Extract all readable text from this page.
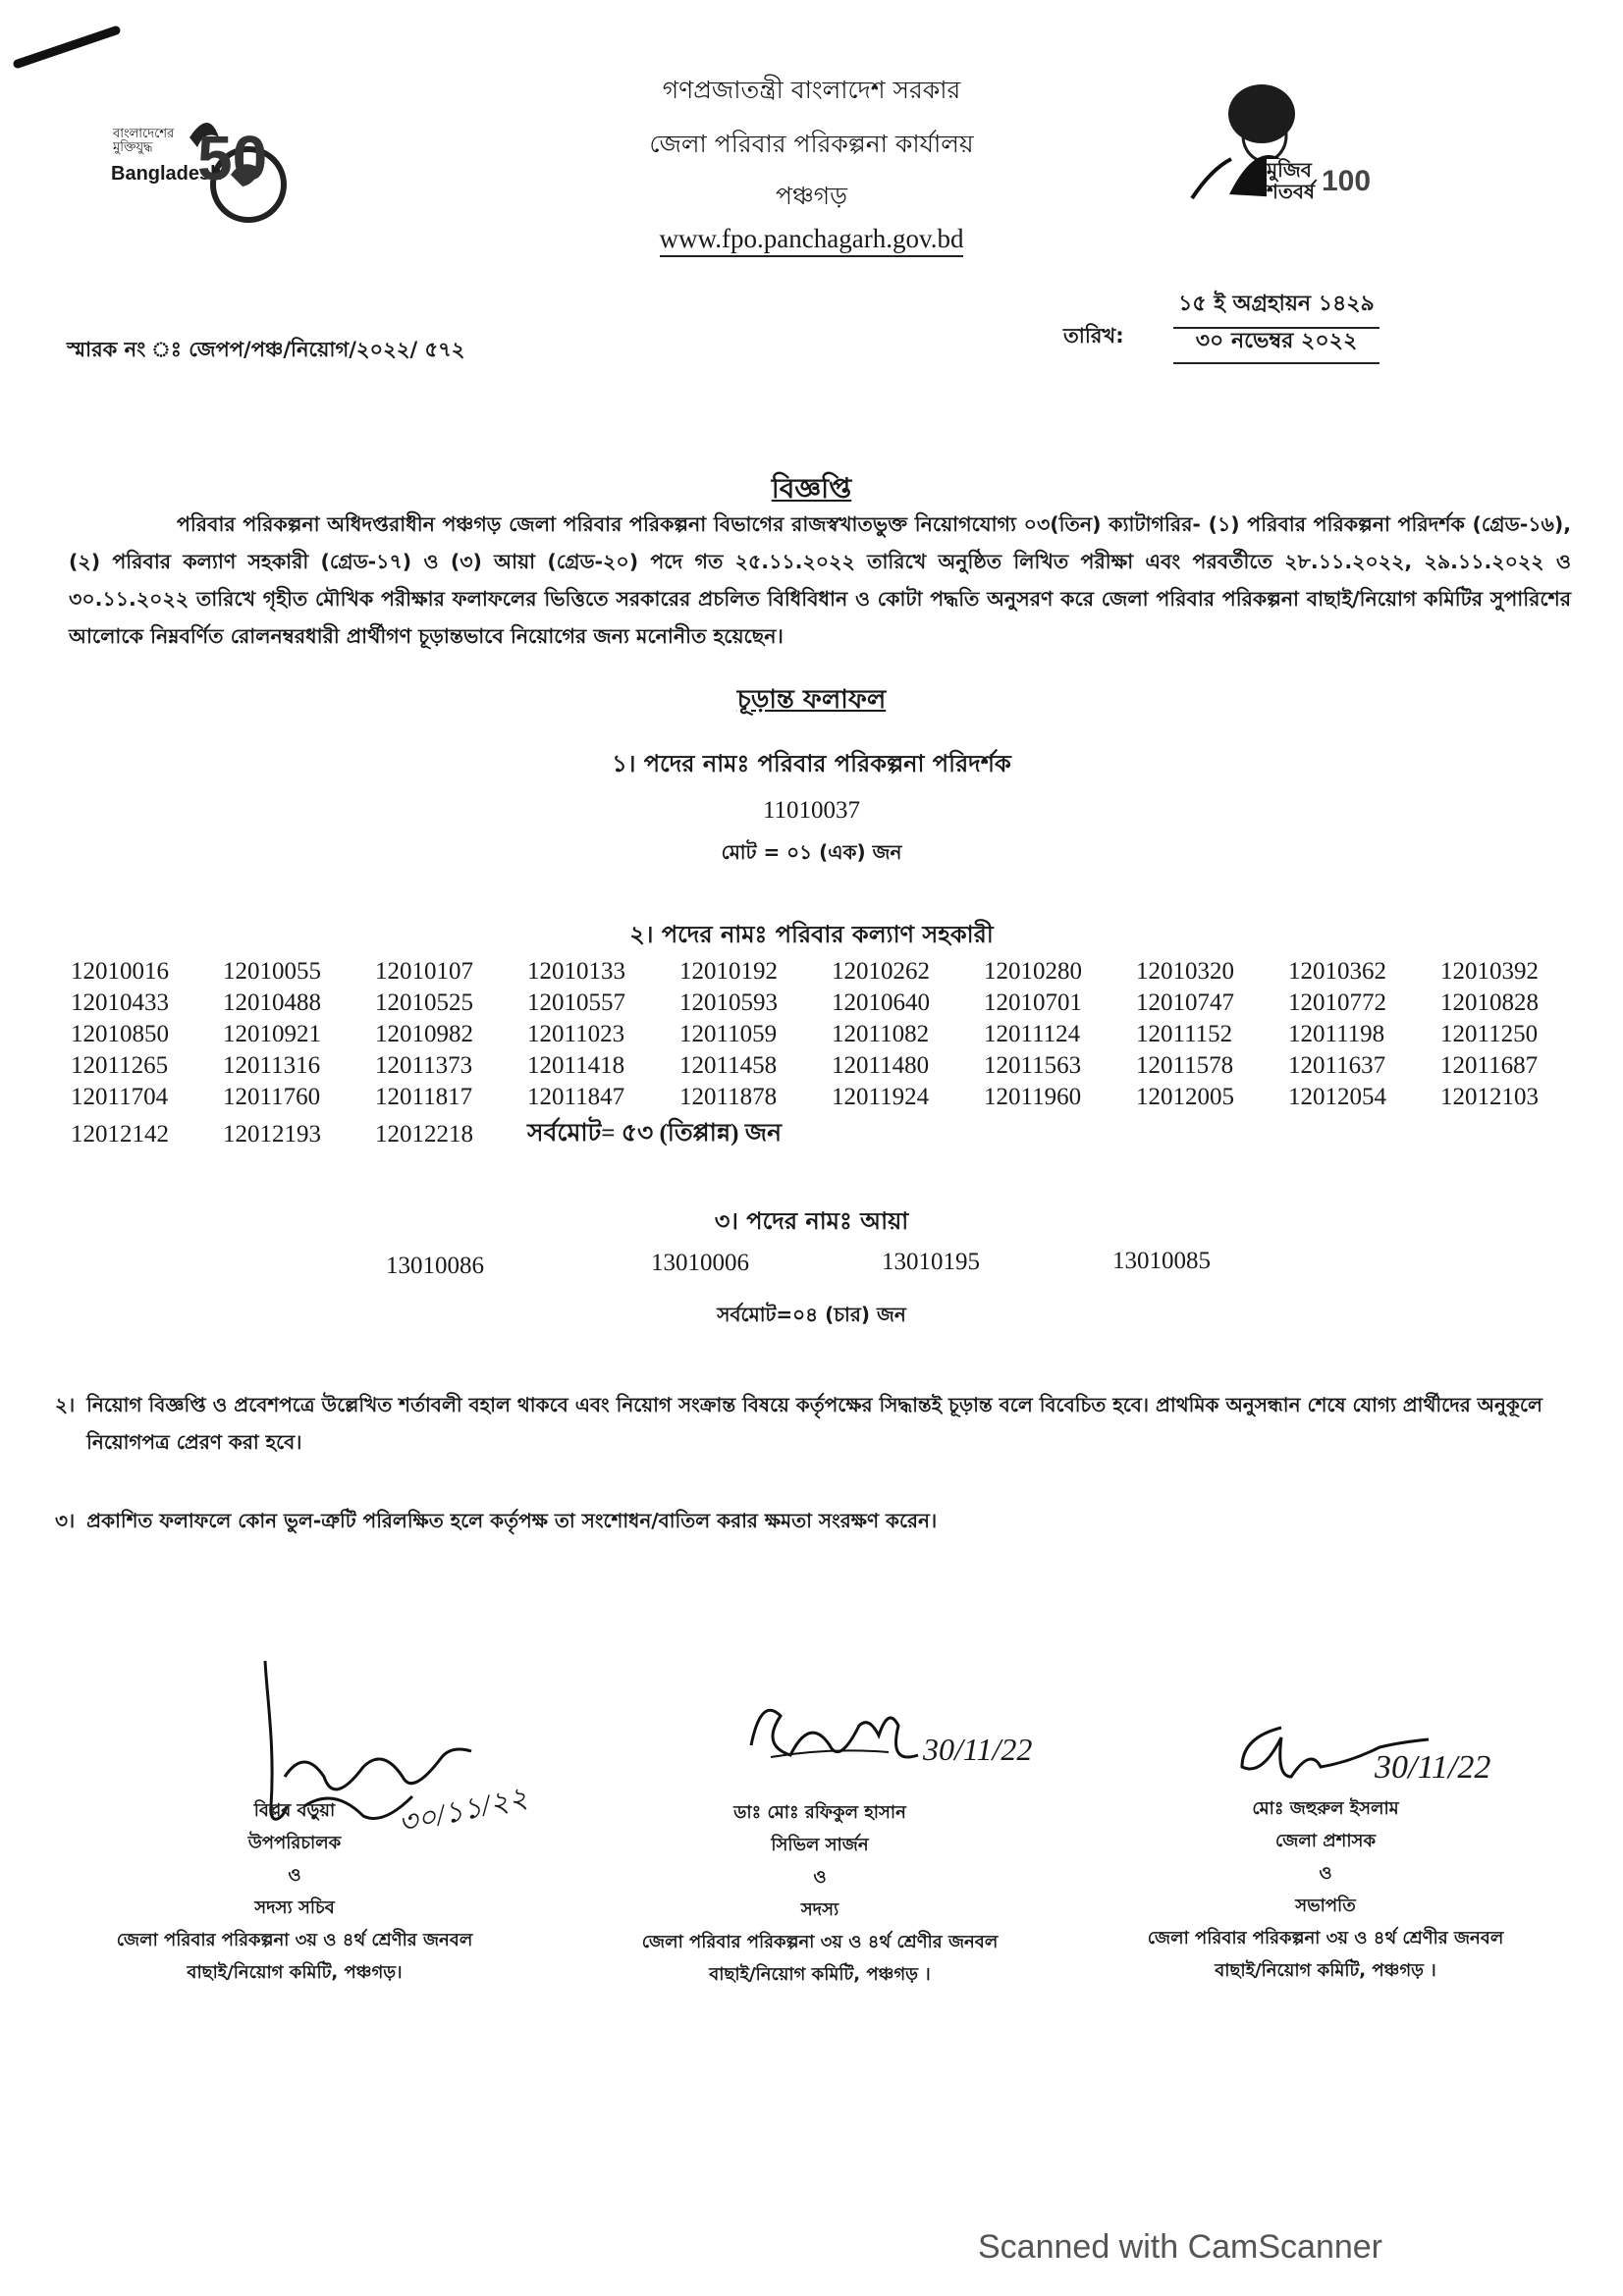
বাংলাদেশের মুক্তিযুদ্ধ
Bangladesh
50	মুজিব শতবর্ষ 100
গণপ্রজাতন্ত্রী বাংলাদেশ সরকার
জেলা পরিবার পরিকল্পনা কার্যালয়
পঞ্চগড়
www.fpo.panchagarh.gov.bd
স্মারক নং ঃ জেপপ/পঞ্চ/নিয়োগ/২০২২/ ৫৭২
তারিখ:
১৫ ই অগ্রহায়ন ১৪২৯
৩০ নভেম্বর ২০২২
বিজ্ঞপ্তি
পরিবার পরিকল্পনা অধিদপ্তরাধীন পঞ্চগড় জেলা পরিবার পরিকল্পনা বিভাগের রাজস্বখাতভুক্ত নিয়োগযোগ্য ০৩(তিন) ক্যাটাগরির- (১) পরিবার পরিকল্পনা পরিদর্শক (গ্রেড-১৬), (২) পরিবার কল্যাণ সহকারী (গ্রেড-১৭) ও (৩) আয়া (গ্রেড-২০) পদে গত ২৫.১১.২০২২ তারিখে অনুষ্ঠিত লিখিত পরীক্ষা এবং পরবর্তীতে ২৮.১১.২০২২, ২৯.১১.২০২২ ও ৩০.১১.২০২২ তারিখে গৃহীত মৌখিক পরীক্ষার ফলাফলের ভিত্তিতে সরকারের প্রচলিত বিধিবিধান ও কোটা পদ্ধতি অনুসরণ করে জেলা পরিবার পরিকল্পনা বাছাই/নিয়োগ কমিটির সুপারিশের আলোকে নিম্নবর্ণিত রোলনম্বরধারী প্রার্থীগণ চূড়ান্তভাবে নিয়োগের জন্য মনোনীত হয়েছেন।
চূড়ান্ত ফলাফল
১। পদের নামঃ পরিবার পরিকল্পনা পরিদর্শক
11010037
মোট = ০১ (এক) জন
২। পদের নামঃ পরিবার কল্যাণ সহকারী
12010016	12010055	12010107	12010133	12010192	12010262	12010280	12010320	12010362	12010392
12010433	12010488	12010525	12010557	12010593	12010640	12010701	12010747	12010772	12010828
12010850	12010921	12010982	12011023	12011059	12011082	12011124	12011152	12011198	12011250
12011265	12011316	12011373	12011418	12011458	12011480	12011563	12011578	12011637	12011687
12011704	12011760	12011817	12011847	12011878	12011924	12011960	12012005	12012054	12012103
12012142	12012193	12012218	সর্বমোট= ৫৩ (তিপ্পান্ন) জন						
৩। পদের নামঃ আয়া
13010086	13010006	13010195	13010085
সর্বমোট=০৪ (চার) জন
২। নিয়োগ বিজ্ঞপ্তি ও প্রবেশপত্রে উল্লেখিত শর্তাবলী বহাল থাকবে এবং নিয়োগ সংক্রান্ত বিষয়ে কর্তৃপক্ষের সিদ্ধান্তই চূড়ান্ত বলে বিবেচিত হবে। প্রাথমিক অনুসন্ধান শেষে যোগ্য প্রার্থীদের অনুকূলে নিয়োগপত্র প্রেরণ করা হবে।
৩। প্রকাশিত ফলাফলে কোন ভুল-ত্রুটি পরিলক্ষিত হলে কর্তৃপক্ষ তা সংশোধন/বাতিল করার ক্ষমতা সংরক্ষণ করেন।
৩০/১১/২২
বিপ্লব বড়ুয়া
উপপরিচালক
ও
সদস্য সচিব
জেলা পরিবার পরিকল্পনা ৩য় ও ৪র্থ শ্রেণীর জনবল
বাছাই/নিয়োগ কমিটি, পঞ্চগড়।
30/11/22
ডাঃ মোঃ রফিকুল হাসান
সিভিল সার্জন
ও
সদস্য
জেলা পরিবার পরিকল্পনা ৩য় ও ৪র্থ শ্রেণীর জনবল
বাছাই/নিয়োগ কমিটি, পঞ্চগড় ।
30/11/22
মোঃ জহুরুল ইসলাম
জেলা প্রশাসক
ও
সভাপতি
জেলা পরিবার পরিকল্পনা ৩য় ও ৪র্থ শ্রেণীর জনবল
বাছাই/নিয়োগ কমিটি, পঞ্চগড় ।
Scanned with CamScanner
